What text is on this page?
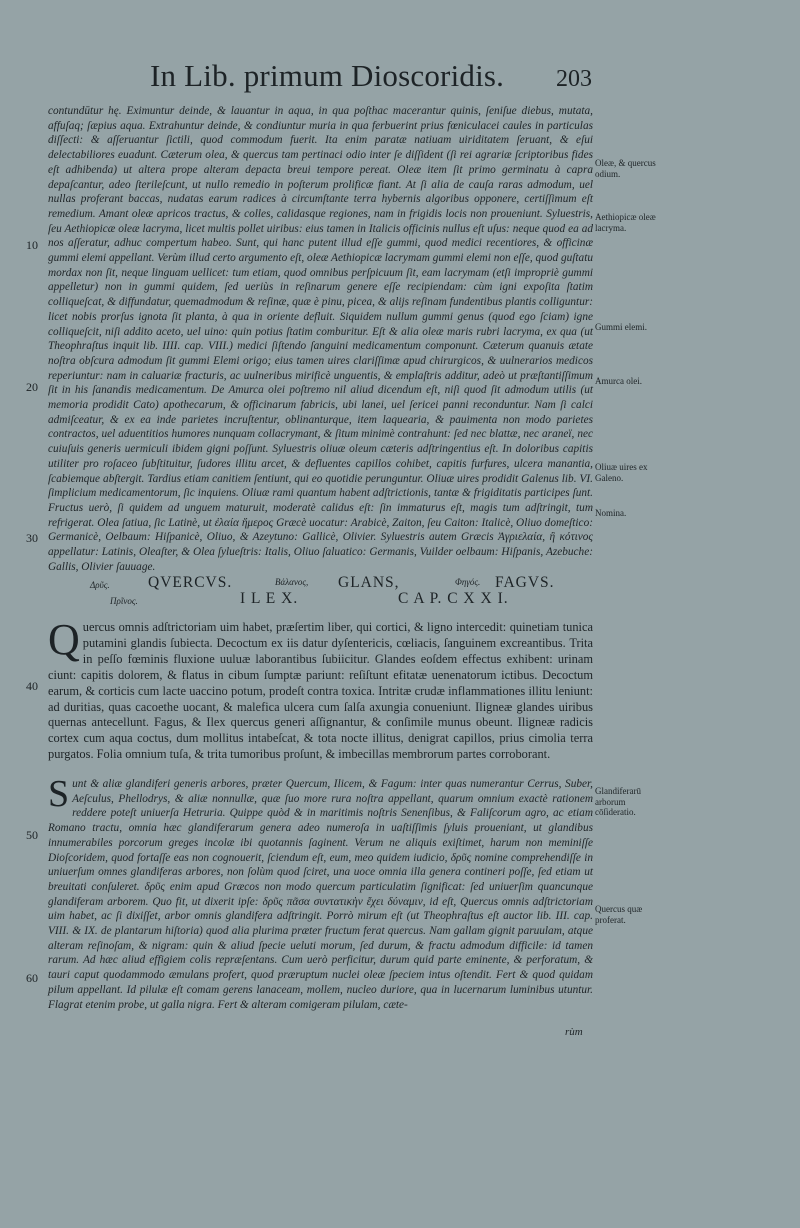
In Lib. primum Dioscoridis. 203
contundūtur hę. Eximuntur deinde, & lauantur in aqua, in qua poſthac macerantur quinis, ſeniſue diebus, mutata, affuſaq; ſæpius aqua. Extrahuntur deinde, & condiuntur muria in qua ferbuerint prius fœniculacei caules in particulas diſſecti: & aſſeruantur ſictili, quod commodum fuerit. Ita enim paratæ natiuam uiriditatem ſeruant, & eſui delectabiliores euadunt. Cæterum olea, & quercus tam pertinaci odio inter ſe diſſident (ſi rei agrariæ ſcriptoribus fides eſt adhibenda) ut altera prope alteram depacta breui tempore pereat. Oleæ item ſit primo germinatu à capra depaſcantur, adeo ſterileſcunt, ut nullo remedio in poſterum prolificæ fiant. At ſi alia de cauſa raras admodum, uel nullas proferant baccas, nudatas earum radices à circumſtante terra hybernis algoribus opponere, certiſſimum eſt remedium. Amant oleæ apricos tractus, & colles, calidasque regiones, nam in frigidis locis non proueniunt. Syluestris, ſeu Aethiopicæ oleæ lacryma, licet multis pollet uiribus: eius tamen in Italicis officinis nullus eſt uſus: neque quod ea ad nos aſſeratur, adhuc compertum habeo. Sunt, qui hanc putent illud eſſe gummi, quod medici recentiores, & officinæ gummi elemi appellant. Verùm illud certo argumento eſt, oleæ Aethiopicæ lacrymam gummi elemi non eſſe, quod guſtatu mordax non ſit, neque linguam uellicet: tum etiam, quod omnibus perſpicuum ſit, eam lacrymam (etſi impropriè gummi appelletur) non in gummi quidem, ſed ueriùs in reſinarum genere eſſe recipiendam: cùm igni expoſita ſtatim colliqueſcat, & diffundatur, quemadmodum & reſinæ, quæ è pinu, picea, & alijs reſinam fundentibus plantis colliguntur: licet nobis prorſus ignota ſit planta, à qua in oriente defluit. Siquidem nullum gummi genus (quod ego ſciam) igne colliqueſcit, niſi addito aceto, uel uino: quin potius ſtatim comburitur. Eſt & alia oleæ maris rubri lacryma, ex qua (ut Theophraſtus inquit lib. IIII. cap. VIII.) medici ſiſtendo ſanguini medicamentum componunt. Cæterum quanuis ætate noſtra obſcura admodum ſit gummi Elemi origo; eius tamen uires clariſſimæ apud chirurgicos, & uulnerarios medicos reperiuntur: nam in caluariæ fracturis, ac uulneribus mirificè unguentis, & emplaſtris additur, adeò ut præſtantiſſimum ſit in his ſanandis medicamentum. De Amurca olei poſtremo nil aliud dicendum eſt, niſi quod ſit admodum utilis (ut memoria prodidit Cato) apothecarum, & officinarum fabricis, ubi lanei, uel ſericei panni reconduntur. Nam ſi calci admiſceatur, & ex ea inde parietes incruſtentur, oblinanturque, item laquearia, & pauimenta non modo parietes contractos, uel aduentitios humores nunquam collacrymant, & ſitum minimè contrahunt: ſed nec blattæ, nec araneï, nec cuiuſuis generis uermiculi ibidem gigni poſſunt. Syluestris oliuæ oleum cæteris adſtringentius eſt. In doloribus capitis utiliter pro roſaceo ſubſtituitur, ſudores illitu arcet, & defluentes capillos cohibet, capitis furfures, ulcera manantia, ſcabiemque abſtergit. Tardius etiam canitiem ſentiunt, qui eo quotidie perunguntur. Oliuæ uires prodidit Galenus lib. VI. ſimplicium medicamentorum, ſic inquiens. Oliuæ rami quantum habent adſtrictionis, tantæ & frigiditatis participes ſunt. Fructus uerò, ſi quidem ad unguem maturuit, moderatè calidus eſt: ſin immaturus eſt, magis tum adſtringit, tum refrigerat. Olea ſatiua, ſic Latinè, ut ἐλαία ἥμερος Græcè uocatur: Arabicè, Zaiton, ſeu Caiton: Italicè, Oliuo domeſtico: Germanicè, Oelbaum: Hiſpanicè, Oliuo, & Azeytuno: Gallicè, Olivier. Syluestris autem Græcis Ἀγριελαία, ἢ κότινος appellatur: Latinis, Oleaſter, & Olea ſylueſtris: Italis, Oliuo ſaluatico: Germanis, Vuilder oelbaum: Hiſpanis, Azebuche: Gallis, Olivier ſauuage.
Δρῦς. QVERCVS.	Βάλανος, GLANS,	Φηγός. FAGVS.
Πρῖνος.	I L E X.	C A P. C X X I.
Quercus omnis adſtrictoriam uim habet, præſertim liber, qui cortici, & ligno intercedit: quinetiam tunica putamini glandis ſubiecta. Decoctum ex iis datur dyſentericis, cœliacis, ſanguinem excreantibus. Trita in peſſo fœminis fluxione uuluæ laborantibus ſubiicitur. Glandes eoſdem effectus exhibent: urinam ciunt: capitis dolorem, & flatus in cibum ſumptæ pariunt: reſiſtunt efitatæ uenenatorum ictibus. Decoctum earum, & corticis cum lacte uaccino potum, prodeſt contra toxica. Intritæ crudæ inflammationes illitu leniunt: ad duritias, quas cacoethe uocant, & malefica ulcera cum ſalſa axungia conueniunt. Iligneæ glandes uiribus quernas antecellunt. Fagus, & Ilex quercus generi aſſignantur, & conſimile munus obeunt. Iligneæ radicis cortex cum aqua coctus, dum mollitus intabeſcat, & tota nocte illitus, denigrat capillos, prius cimolia terra purgatos. Folia omnium tuſa, & trita tumoribus proſunt, & imbecillas membrorum partes corroborant.
Sunt & aliæ glandiferi generis arbores, præter Quercum, Ilicem, & Fagum: inter quas numerantur Cerrus, Suber, Aeſculus, Phellodrys, & aliæ nonnullæ, quæ ſuo more rura noſtra appellant, quarum omnium exactè rationem reddere poteſt uniuerſa Hetruria. Quippe quòd & in maritimis noſtris Senenſibus, & Faliſcorum agro, ac etiam Romano tractu, omnia hæc glandiferarum genera adeo numeroſa in uaſtiſſimis ſyluis proueniant, ut glandibus innumerabiles porcorum greges incolæ ibi quotannis ſaginent. Verum ne aliquis exiſtimet, harum non meminiſſe Dioſcoridem, quod fortaſſe eas non cognouerit, ſciendum eſt, eum, meo quidem iudicio, δρῦς nomine comprehendiſſe in uniuerſum omnes glandiferas arbores, non ſolùm quod ſciret, una uoce omnia illa genera contineri poſſe, ſed etiam ut breuitati conſuleret. δρῦς enim apud Græcos non modo quercum particulatim ſignificat: ſed uniuerſim quancunque glandiferam arborem. Quo fit, ut dixerit ipſe: δρῦς πᾶσα συντατικὴν ἔχει δύναμιν, id eſt, Quercus omnis adſtrictoriam uim habet, ac ſi dixiſſet, arbor omnis glandifera adſtringit. Porrò mirum eſt (ut Theophraſtus eſt auctor lib. III. cap. VIII. & IX. de plantarum hiſtoria) quod alia plurima præter fructum ferat quercus. Nam gallam gignit paruulam, atque alteram reſinoſam, & nigram: quin & aliud ſpecie ueluti morum, ſed durum, & fractu admodum difficile: id tamen rarum. Ad hæc aliud effigiem colis repræſentans. Cum uerò perficitur, durum quid parte eminente, & perforatum, & tauri caput quodammodo æmulans profert, quod præruptum nuclei oleæ ſpeciem intus oſtendit. Fert & quod quidam pilum appellant. Id pilulæ eſt comam gerens lanaceam, mollem, nucleo duriore, qua in lucernarum luminibus utuntur. Flagrat etenim probe, ut galla nigra. Fert & alteram comigeram pilulam, cæte-
rùm
10
20
30
40
50
60
Oleæ, & quercus odium.
Aethiopicæ oleæ lacryma.
Gummi elemi.
Amurca olei.
Oliuæ uires ex Galeno.
Nomina.
Glandiferarū arborum cōſideratio.
Quercus quæ proferat.
